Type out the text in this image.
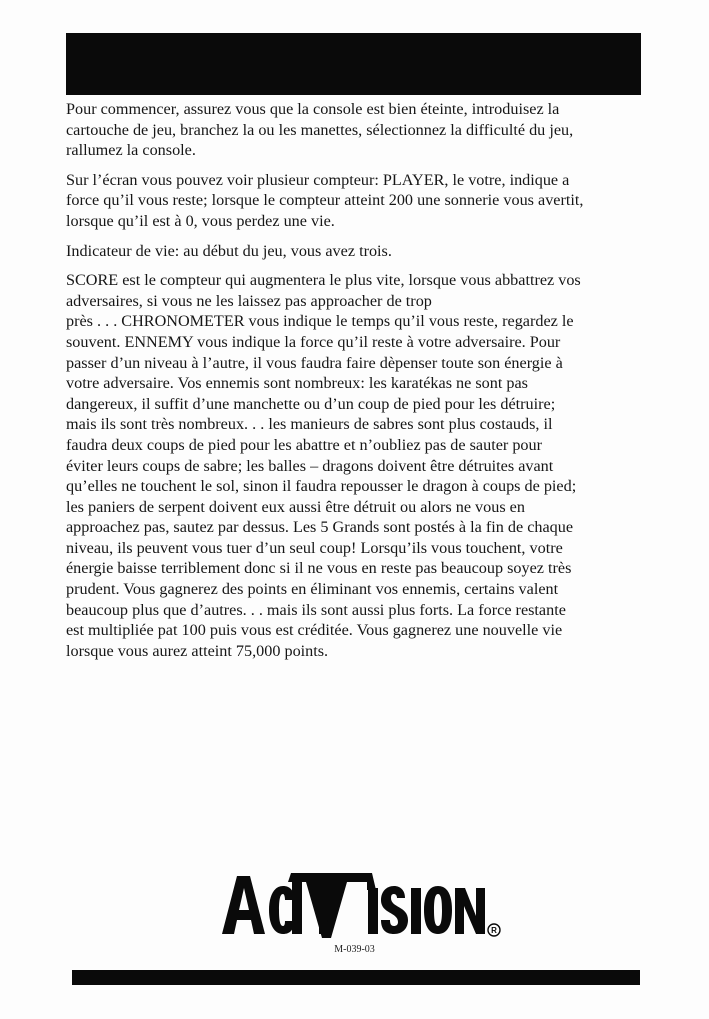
Pour commencer, assurez vous que la console est bien éteinte, introduisez la
cartouche de jeu, branchez la ou les manettes, sélectionnez la difficulté du jeu,
rallumez la console.

Sur l’écran vous pouvez voir plusieur compteur: PLAYER, le votre, indique a
force qu’il vous reste; lorsque le compteur atteint 200 une sonnerie vous avertit,
lorsque qu’il est à 0, vous perdez une vie.

Indicateur de vie: au début du jeu, vous avez trois.

SCORE est le compteur qui augmentera le plus vite, lorsque vous abbattrez vos
adversaires, si vous ne les laissez pas approacher de trop
près . . . CHRONOMETER vous indique le temps qu’il vous reste, regardez le
souvent. ENNEMY vous indique la force qu’il reste à votre adversaire. Pour
passer d’un niveau à l’autre, il vous faudra faire dèpenser toute son énergie à
votre adversaire. Vos ennemis sont nombreux: les karatékas ne sont pas
dangereux, il suffit d’une manchette ou d’un coup de pied pour les détruire;
mais ils sont très nombreux. . . les manieurs de sabres sont plus costauds, il
faudra deux coups de pied pour les abattre et n’oubliez pas de sauter pour
éviter leurs coups de sabre; les balles – dragons doivent être détruites avant
qu’elles ne touchent le sol, sinon il faudra repousser le dragon à coups de pied;
les paniers de serpent doivent eux aussi être détruit ou alors ne vous en
approachez pas, sautez par dessus. Les 5 Grands sont postés à la fin de chaque
niveau, ils peuvent vous tuer d’un seul coup! Lorsqu’ils vous touchent, votre
énergie baisse terriblement donc si il ne vous en reste pas beaucoup soyez très
prudent. Vous gagnerez des points en éliminant vos ennemis, certains valent
beaucoup plus que d’autres. . . mais ils sont aussi plus forts. La force restante
est multipliée pat 100 puis vous est créditée. Vous gagnerez une nouvelle vie
lorsque vous aurez atteint 75,000 points.

R
M-039-03
